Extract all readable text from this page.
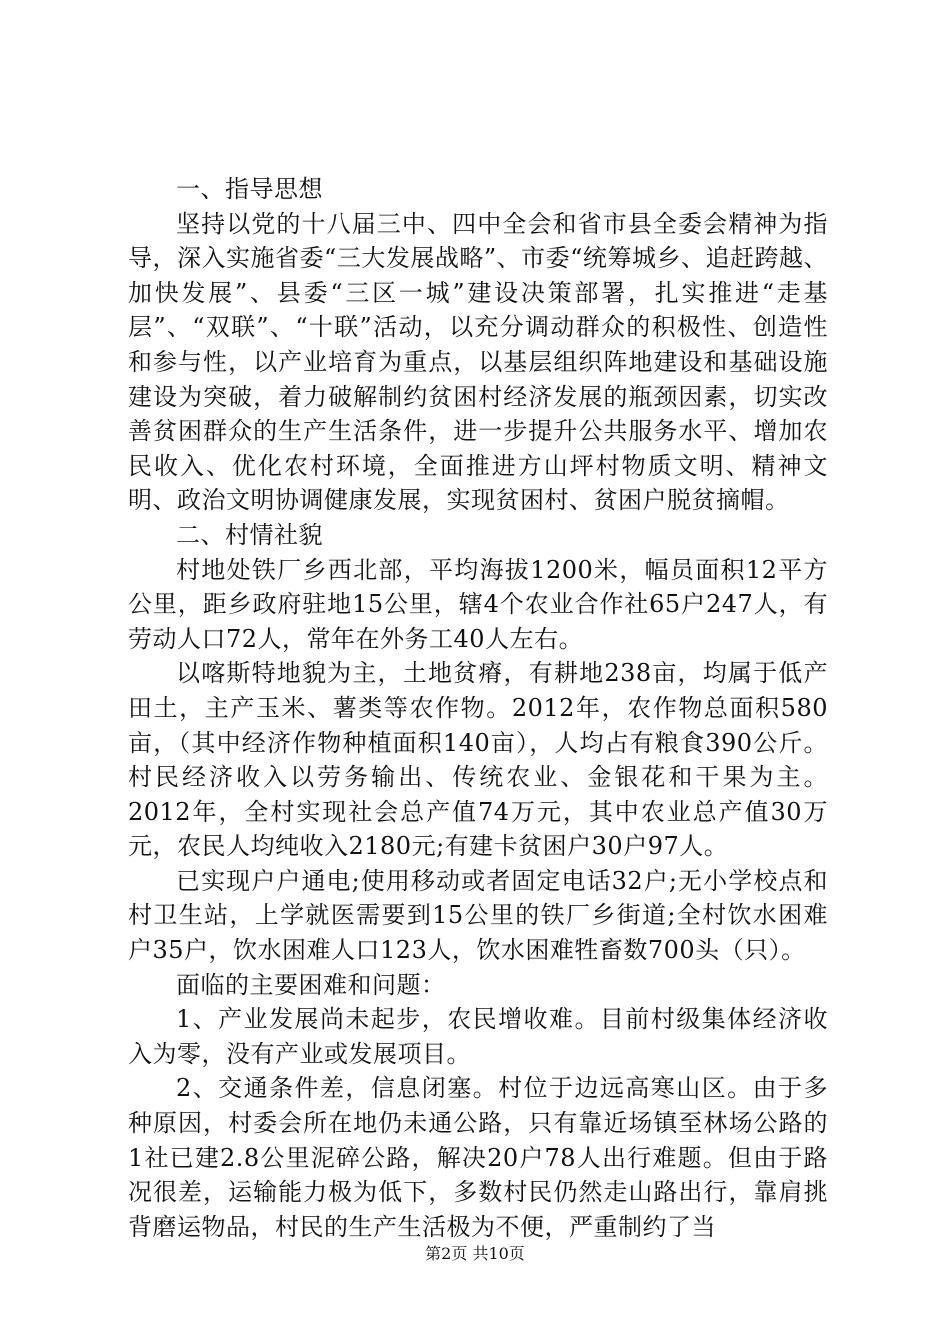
一、指导思想

坚持以党的十八届三中、四中全会和省市县全委会精神为指导，深入实施省委“三大发展战略”、市委“统筹城乡、追赶跨越、加快发展”、县委“三区一城”建设决策部署，扎实推进“走基层”、“双联”、“十联”活动，以充分调动群众的积极性、创造性和参与性，以产业培育为重点，以基层组织阵地建设和基础设施建设为突破，着力破解制约贫困村经济发展的瓶颈因素，切实改善贫困群众的生产生活条件，进一步提升公共服务水平、增加农民收入、优化农村环境，全面推进方山坪村物质文明、精神文明、政治文明协调健康发展，实现贫困村、贫困户脱贫摘帽。

二、村情社貌

村地处铁厂乡西北部，平均海拔1200米，幅员面积12平方公里，距乡政府驻地15公里，辖4个农业合作社65户247人，有劳动人口72人，常年在外务工40人左右。

以喀斯特地貌为主，土地贫瘠，有耕地238亩，均属于低产田土，主产玉米、薯类等农作物。2012年，农作物总面积580亩，（其中经济作物种植面积140亩），人均占有粮食390公斤。村民经济收入以劳务输出、传统农业、金银花和干果为主。2012年，全村实现社会总产值74万元，其中农业总产值30万元，农民人均纯收入2180元;有建卡贫困户30户97人。

已实现户户通电;使用移动或者固定电话32户;无小学校点和村卫生站，上学就医需要到15公里的铁厂乡街道;全村饮水困难户35户，饮水困难人口123人，饮水困难牲畜数700头（只）。

面临的主要困难和问题：

1、产业发展尚未起步，农民增收难。目前村级集体经济收入为零，没有产业或发展项目。

2、交通条件差，信息闭塞。村位于边远高寒山区。由于多种原因，村委会所在地仍未通公路，只有靠近场镇至林场公路的1社已建2.8公里泥碎公路，解决20户78人出行难题。但由于路况很差，运输能力极为低下，多数村民仍然走山路出行，靠肩挑背磨运物品，村民的生产生活极为不便，严重制约了当

第2页 共10页
